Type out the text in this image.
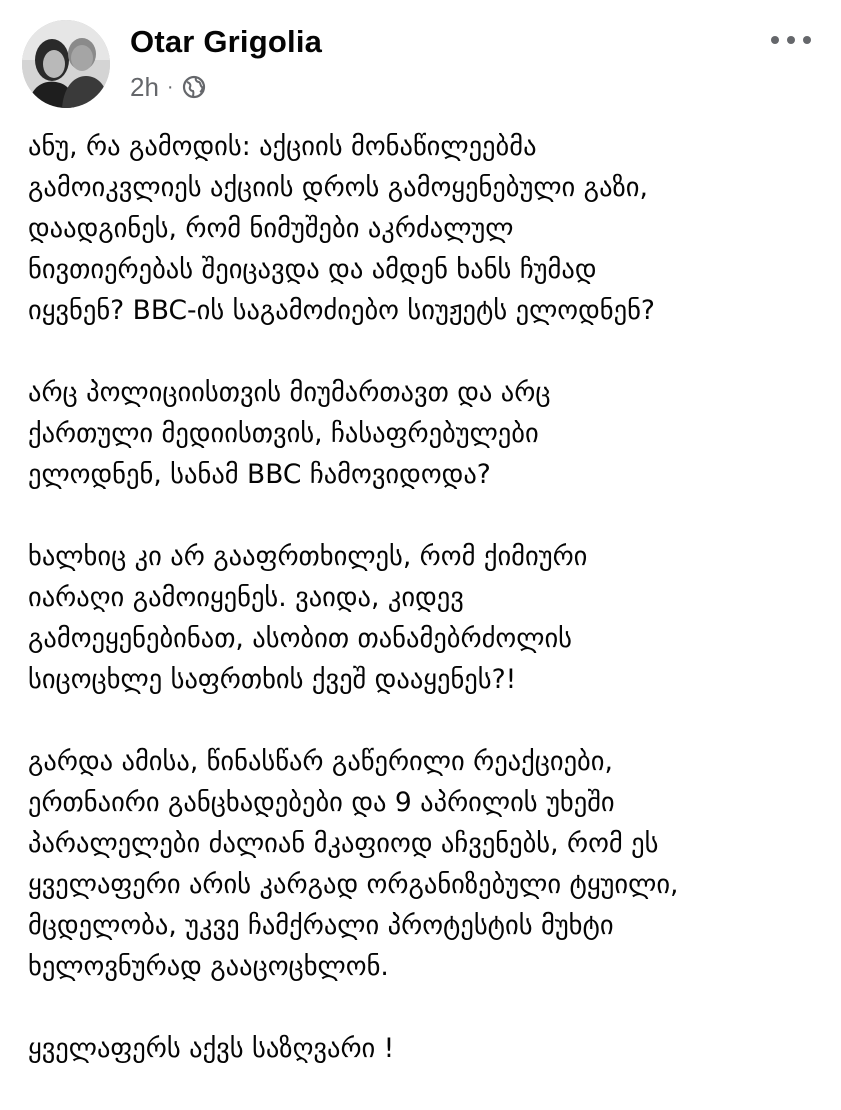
Otar Grigolia
2h ·

ანუ, რა გამოდის: აქციის მონაწილეებმა
გამოიკვლიეს აქციის დროს გამოყენებული გაზი,
დაადგინეს, რომ ნიმუშები აკრძალულ
ნივთიერებას შეიცავდა და ამდენ ხანს ჩუმად
იყვნენ? BBC-ის საგამოძიებო სიუჟეტს ელოდნენ?

არც პოლიციისთვის მიუმართავთ და არც
ქართული მედიისთვის, ჩასაფრებულები
ელოდნენ, სანამ BBC ჩამოვიდოდა?

ხალხიც კი არ გააფრთხილეს, რომ ქიმიური
იარაღი გამოიყენეს. ვაიდა, კიდევ
გამოეყენებინათ, ასობით თანამებრძოლის
სიცოცხლე საფრთხის ქვეშ დააყენეს?!

გარდა ამისა, წინასწარ გაწერილი რეაქციები,
ერთნაირი განცხადებები და 9 აპრილის უხეში
პარალელები ძალიან მკაფიოდ აჩვენებს, რომ ეს
ყველაფერი არის კარგად ორგანიზებული ტყუილი,
მცდელობა, უკვე ჩამქრალი პროტესტის მუხტი
ხელოვნურად გააცოცხლონ.

ყველაფერს აქვს საზღვარი !
